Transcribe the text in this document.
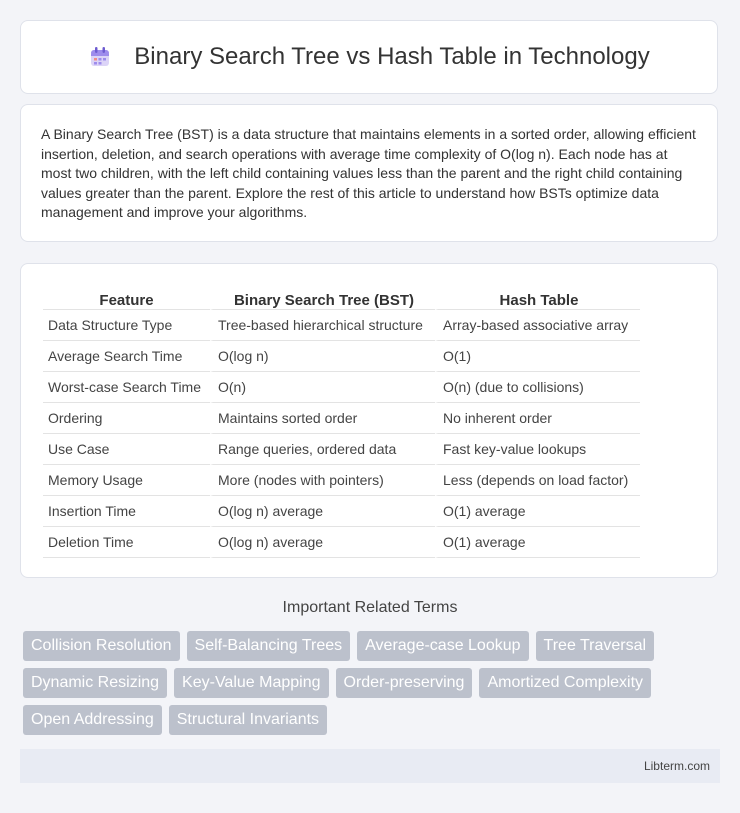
Binary Search Tree vs Hash Table in Technology

A Binary Search Tree (BST) is a data structure that maintains elements in a sorted order, allowing efficient insertion, deletion, and search operations with average time complexity of O(log n). Each node has at most two children, with the left child containing values less than the parent and the right child containing values greater than the parent. Explore the rest of this article to understand how BSTs optimize data management and improve your algorithms.

Feature	Binary Search Tree (BST)	Hash Table
Data Structure Type	Tree-based hierarchical structure	Array-based associative array
Average Search Time	O(log n)	O(1)
Worst-case Search Time	O(n)	O(n) (due to collisions)
Ordering	Maintains sorted order	No inherent order
Use Case	Range queries, ordered data	Fast key-value lookups
Memory Usage	More (nodes with pointers)	Less (depends on load factor)
Insertion Time	O(log n) average	O(1) average
Deletion Time	O(log n) average	O(1) average
Important Related Terms
Collision Resolution	Self-Balancing Trees	Average-case Lookup	Tree Traversal
Dynamic Resizing	Key-Value Mapping	Order-preserving	Amortized Complexity
Open Addressing	Structural Invariants
Libterm.com
